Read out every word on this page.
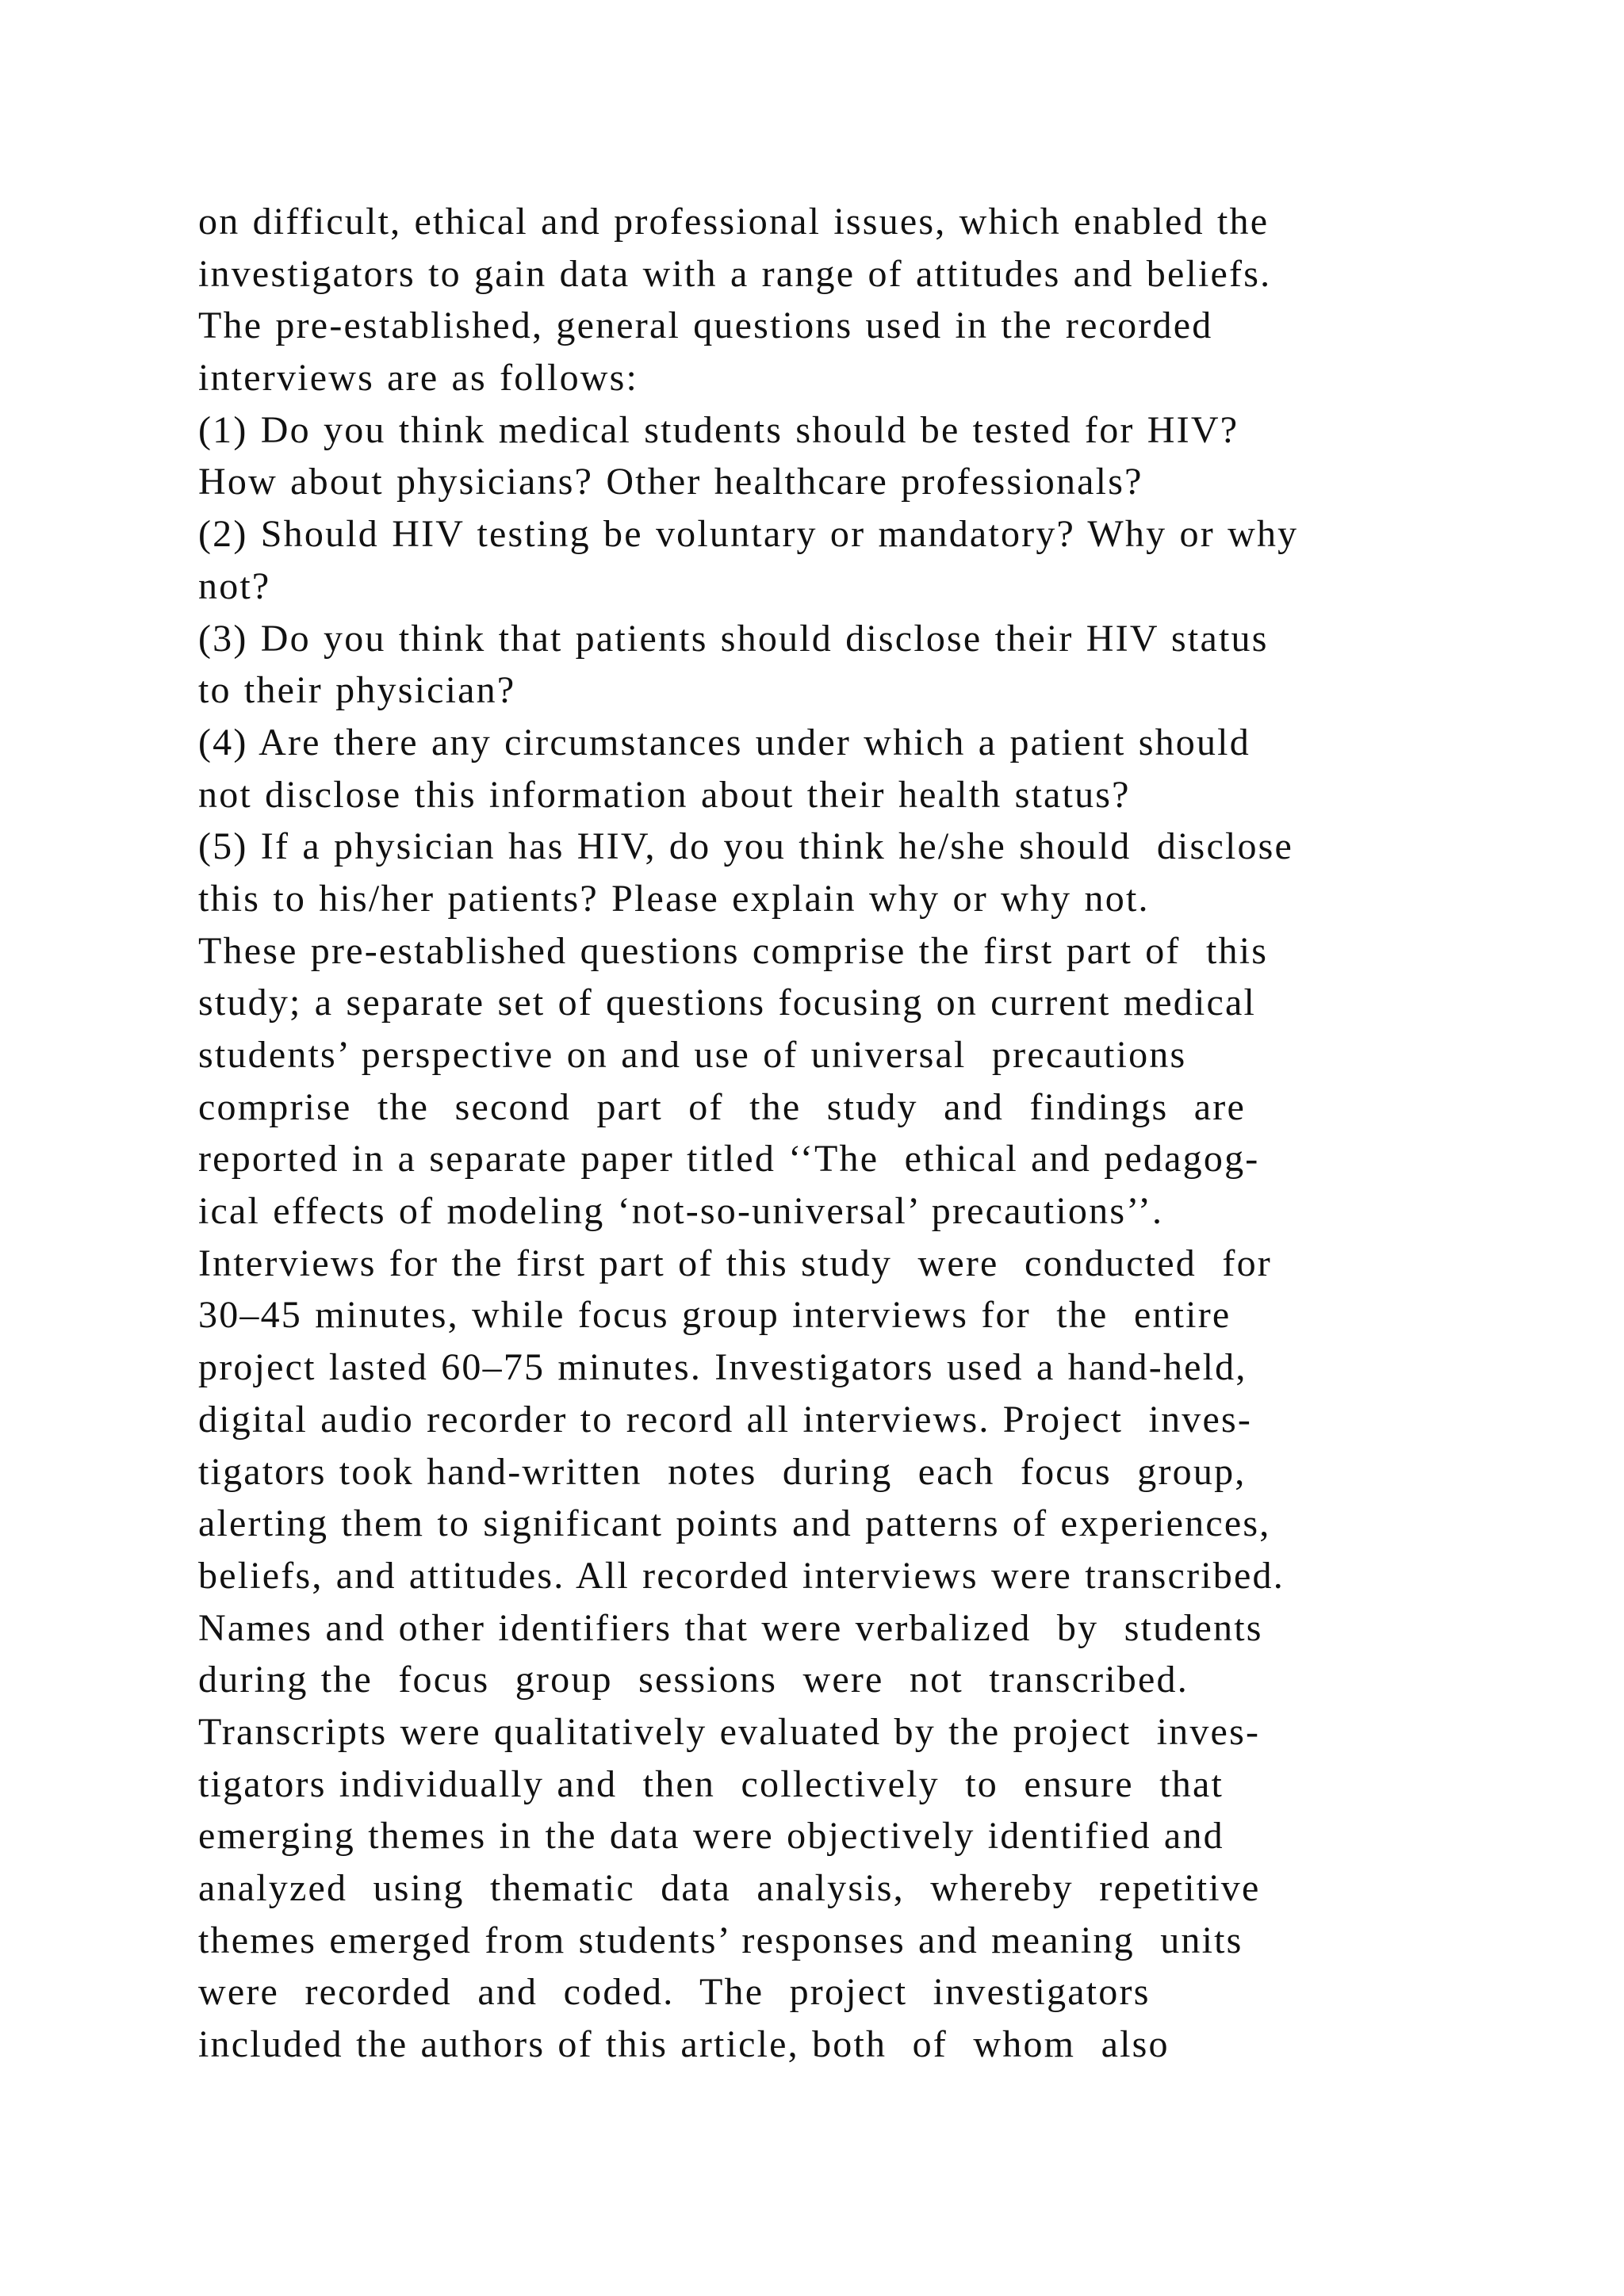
on difficult, ethical and professional issues, which enabled the
investigators to gain data with a range of attitudes and beliefs.
The pre-established, general questions used in the recorded
interviews are as follows:
(1) Do you think medical students should be tested for HIV?
How about physicians? Other healthcare professionals?
(2) Should HIV testing be voluntary or mandatory? Why or why
not?
(3) Do you think that patients should disclose their HIV status
to their physician?
(4) Are there any circumstances under which a patient should
not disclose this information about their health status?
(5) If a physician has HIV, do you think he/she should  disclose
this to his/her patients? Please explain why or why not.
These pre-established questions comprise the first part of  this
study; a separate set of questions focusing on current medical
students’ perspective on and use of universal  precautions
comprise  the  second  part  of  the  study  and  findings  are
reported in a separate paper titled ‘‘The  ethical and pedagog-
ical effects of modeling ‘not-so-universal’ precautions’’.
Interviews for the first part of this study  were  conducted  for
30–45 minutes, while focus group interviews for  the  entire
project lasted 60–75 minutes. Investigators used a hand-held,
digital audio recorder to record all interviews. Project  inves-
tigators took hand-written  notes  during  each  focus  group,
alerting them to significant points and patterns of experiences,
beliefs, and attitudes. All recorded interviews were transcribed.
Names and other identifiers that were verbalized  by  students
during the  focus  group  sessions  were  not  transcribed.
Transcripts were qualitatively evaluated by the project  inves-
tigators individually and  then  collectively  to  ensure  that
emerging themes in the data were objectively identified and
analyzed  using  thematic  data  analysis,  whereby  repetitive
themes emerged from students’ responses and meaning  units
were  recorded  and  coded.  The  project  investigators
included the authors of this article, both  of  whom  also
